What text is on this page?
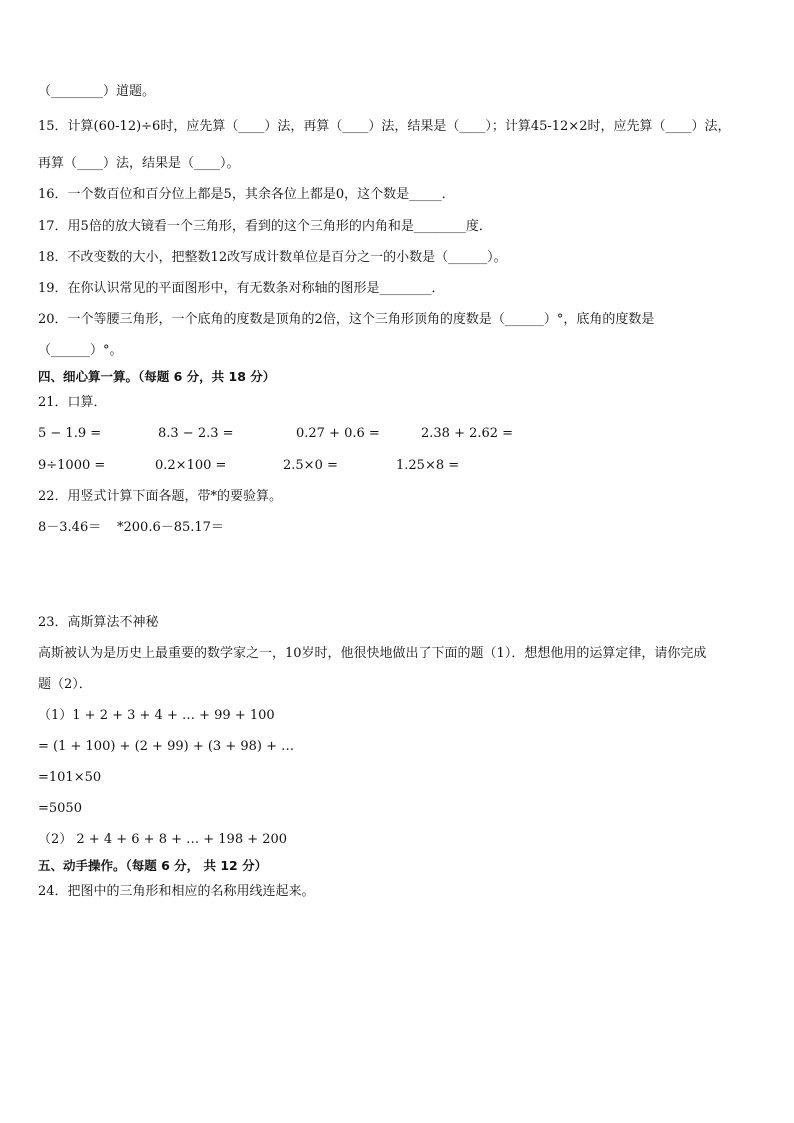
（________）道题。
15．计算(60-12)÷6时，应先算（____）法，再算（____）法，结果是（____）；计算45-12×2时，应先算（____）法，
再算（____）法，结果是（____）。
16．一个数百位和百分位上都是5，其余各位上都是0，这个数是_____．
17．用5倍的放大镜看一个三角形，看到的这个三角形的内角和是________度．
18．不改变数的大小，把整数12改写成计数单位是百分之一的小数是（______）。
19．在你认识常见的平面图形中，有无数条对称轴的图形是________．
20．一个等腰三角形，一个底角的度数是顶角的2倍，这个三角形顶角的度数是（______）°，底角的度数是
（______）°。
四、细心算一算。（每题 6 分，共 18 分）
21．口算．
5 − 1.9 =	8.3 − 2.3 =	0.27 + 0.6 =	2.38 + 2.62 =
9÷1000 =	0.2×100 =	2.5×0 =	1.25×8 =
22．用竖式计算下面各题，带*的要验算。
8－3.46＝ *200.6－85.17＝
23．高斯算法不神秘
高斯被认为是历史上最重要的数学家之一，10岁时，他很快地做出了下面的题（1）．想想他用的运算定律，请你完成
题（2）．
（1）1 + 2 + 3 + 4 + … + 99 + 100
= (1 + 100) + (2 + 99) + (3 + 98) + …
=101×50
=5050
（2） 2 + 4 + 6 + 8 + … + 198 + 200
五、动手操作。（每题 6 分， 共 12 分）
24．把图中的三角形和相应的名称用线连起来。
